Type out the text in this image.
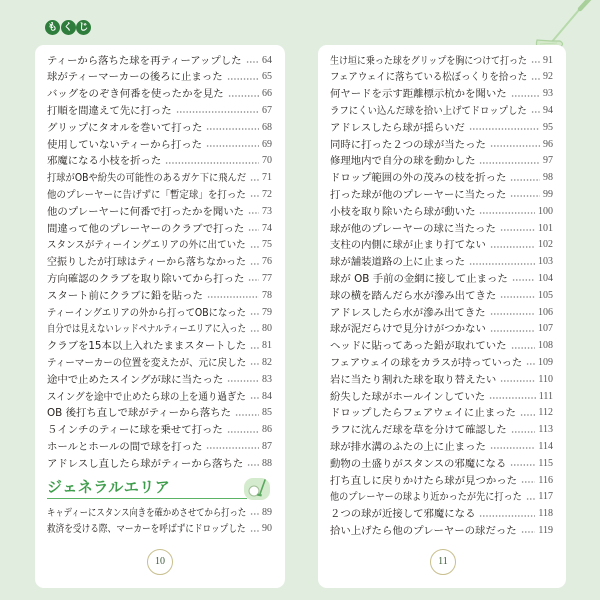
も く じ
ティーから落ちた球を再ティーアップした 64
球がティーマーカーの後ろに止まった	65
バッグをのぞき何番を使ったかを見た	66
打順を間違えて先に打った	67
グリップにタオルを巻いて打った	68
使用していないティーから打った	69
邪魔になる小枝を折った	70
打球がOBや紛失の可能性のあるガケ下に飛んだ 71
他のプレーヤーに告げずに「暫定球」を打った 72
他のプレーヤーに何番で打ったかを聞いた 73
間違って他のプレーヤーのクラブで打った 74
スタンスがティーイングエリアの外に出ていた 75
空振りしたが打球はティーから落ちなかった 76
方向確認のクラブを取り除いてから打った 77
スタート前にクラブに鉛を貼った	78
ティーイングエリアの外から打ってOBになった 79
自分では見えないレッドペナルティーエリアに入った 80
クラブを15本以上入れたままスタートした 81
ティーマーカーの位置を変えたが、元に戻した 82
途中で止めたスイングが球に当たった	83
スイングを途中で止めたら球の上を通り過ぎた 84
OB 後打ち直しで球がティーから落ちた	85
５インチのティーに球を乗せて打った	86
ホールとホールの間で球を打った	87
アドレスし直したら球がティーから落ちた 88
ジェネラルエリア
キャディーにスタンス向きを確かめさせてから打った 89
救済を受ける際、マーカーを呼ばずにドロップした 90
10
生け垣に乗った球をグリップを胸につけて打った 91
フェアウェイに落ちている松ぼっくりを拾った 92
何ヤードを示す距離標示杭かを聞いた	93
ラフにくい込んだ球を拾い上げてドロップした 94
アドレスしたら球が揺らいだ	95
同時に打った２つの球が当たった	96
修理地内で自分の球を動かした	97
ドロップ範囲の外の茂みの枝を折った	98
打った球が他のプレーヤーに当たった	99
小枝を取り除いたら球が動いた	100
球が他のプレーヤーの球に当たった	101
支柱の内側に球が止まり打てない	102
球が舗装道路の上に止まった	103
球が OB 手前の金網に接して止まった	104
球の横を踏んだら水が滲み出てきた	105
アドレスしたら水が滲み出てきた	106
球が泥だらけで見分けがつかない	107
ヘッドに貼ってあった鉛が取れていた	108
フェアウェイの球をカラスが持っていった 109
岩に当たり割れた球を取り替えたい	110
紛失した球がホールインしていた	111
ドロップしたらフェアウェイに止まった 112
ラフに沈んだ球を草を分けて確認した	113
球が排水溝のふたの上に止まった	114
動物の土盛りがスタンスの邪魔になる	115
打ち直しに戻りかけたら球が見つかった 116
他のプレーヤーの球より近かったが先に打った 117
２つの球が近接して邪魔になる	118
拾い上げたら他のプレーヤーの球だった 119
11
